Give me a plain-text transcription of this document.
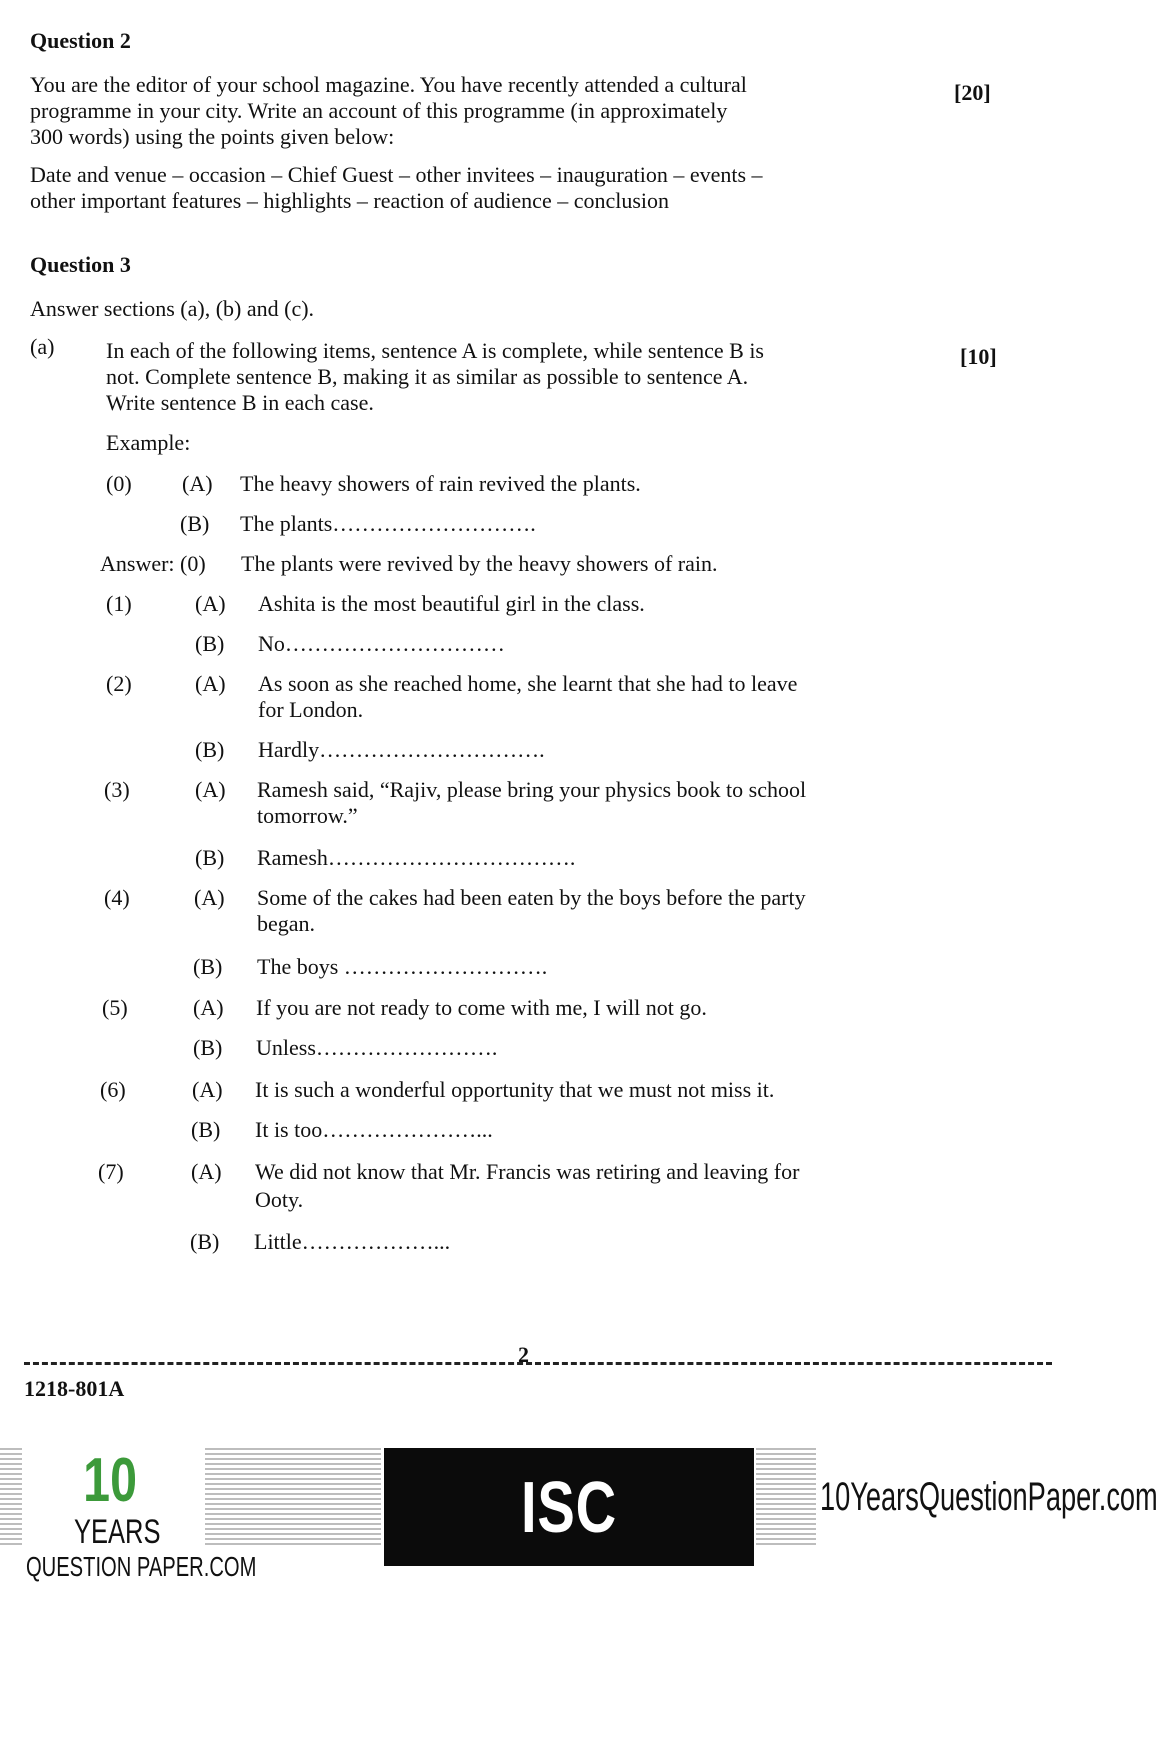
Question 2
You are the editor of your school magazine. You have recently attended a cultural
programme in your city. Write an account of this programme (in approximately
300 words) using the points given below:
[20]
Date and venue – occasion – Chief Guest – other invitees – inauguration – events –
other important features – highlights – reaction of audience – conclusion
Question 3
Answer sections (a), (b) and (c).
(a) In each of the following items, sentence A is complete, while sentence B is
not. Complete sentence B, making it as similar as possible to sentence A.
Write sentence B in each case.
[10]
Example:
(0) (A) The heavy showers of rain revived the plants.
(B) The plants……………………….
Answer: (0) The plants were revived by the heavy showers of rain.
(1)	(A) Ashita is the most beautiful girl in the class.
(B) No…………………………
(2)	(A) As soon as she reached home, she learnt that she had to leave
for London.
(B) Hardly………………………….
(3)	(A) Ramesh said, “Rajiv, please bring your physics book to school
tomorrow.”
(B) Ramesh…………………………….
(4)	(A) Some of the cakes had been eaten by the boys before the party
began.
(B) The boys ……………………….
(5)	(A) If you are not ready to come with me, I will not go.
(B) Unless…………………….
(6)	(A) It is such a wonderful opportunity that we must not miss it.
(B) It is too…………………...
(7)	(A) We did not know that Mr. Francis was retiring and leaving for
Ooty.
(B) Little………………...
2
1218-801A
10
YEARS
QUESTION PAPER.COM
ISC BOARD XII
10YearsQuestionPaper.com
